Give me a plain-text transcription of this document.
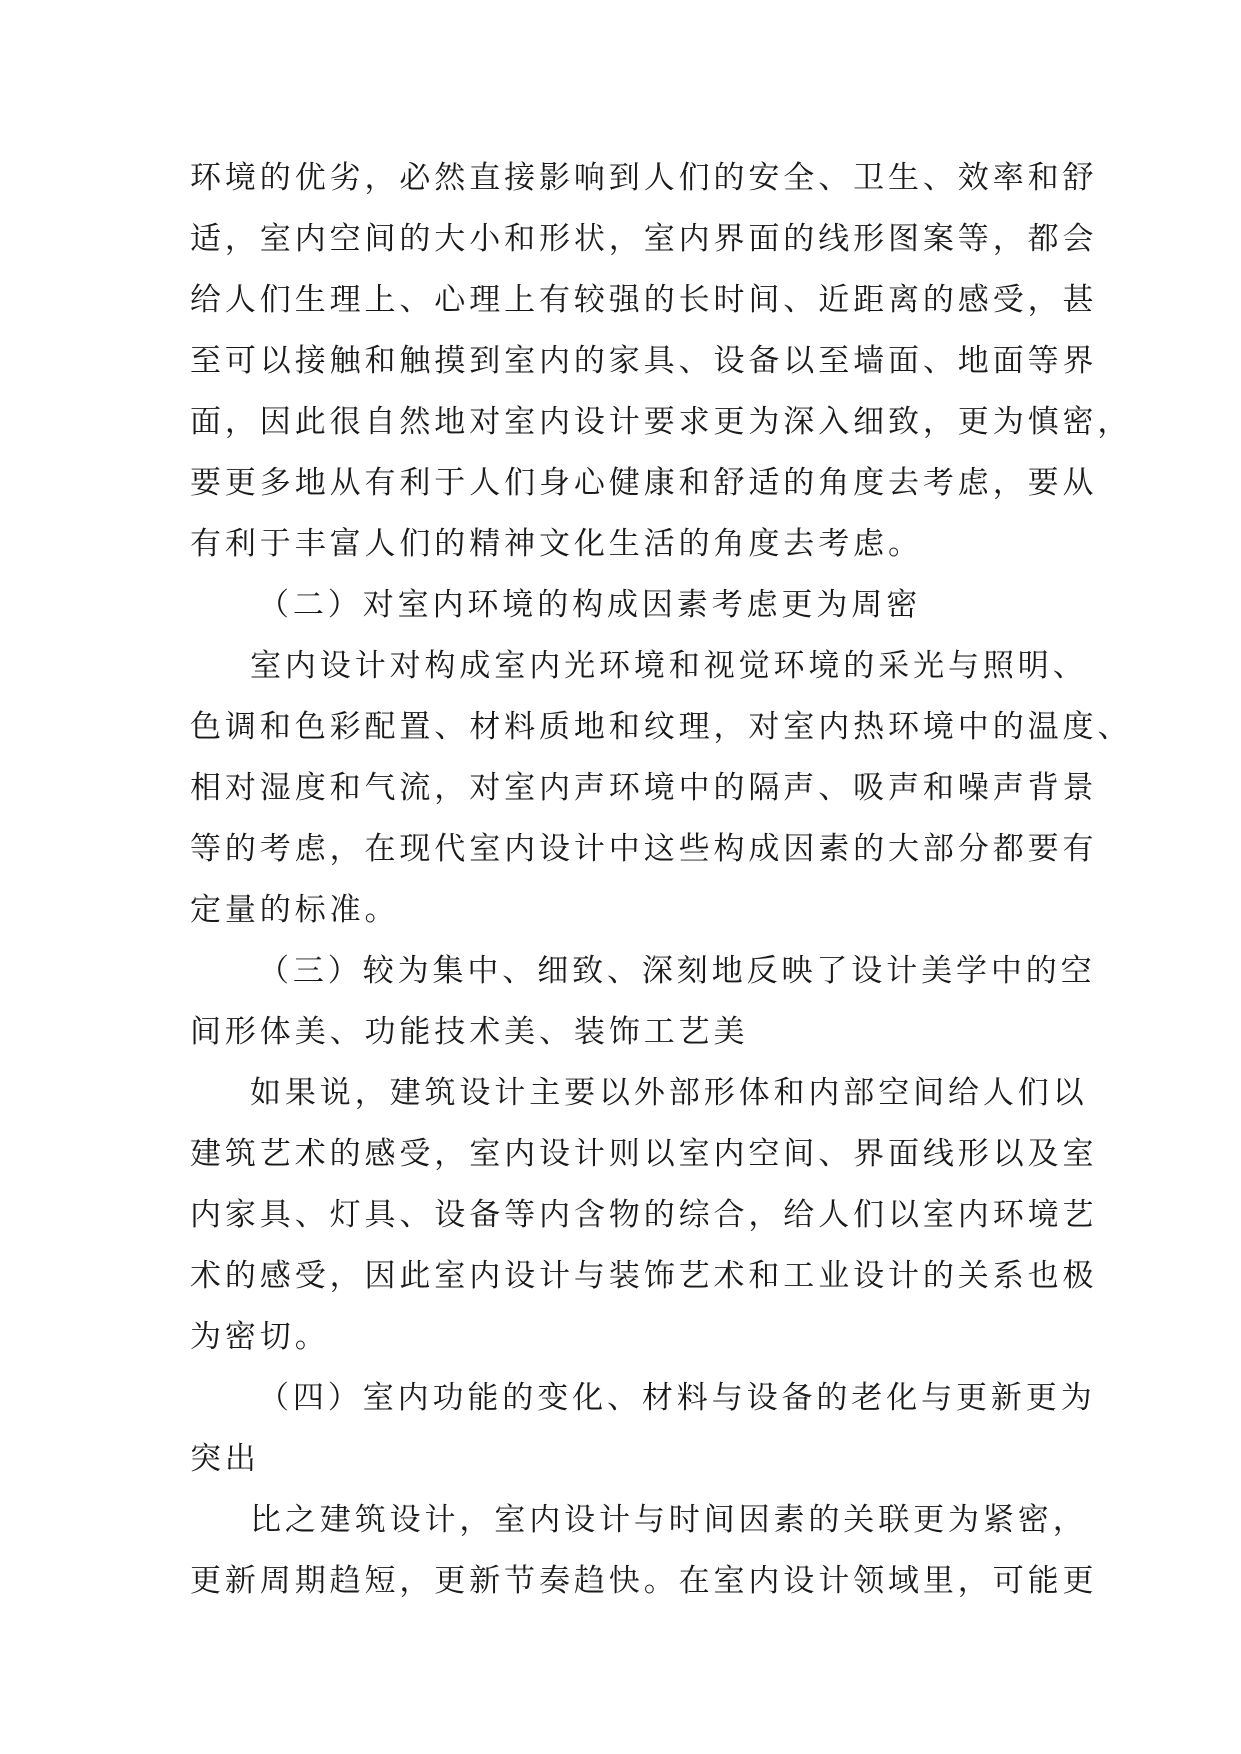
环境的优劣，必然直接影响到人们的安全、卫生、效率和舒
适，室内空间的大小和形状，室内界面的线形图案等，都会
给人们生理上、心理上有较强的长时间、近距离的感受，甚
至可以接触和触摸到室内的家具、设备以至墙面、地面等界
面，因此很自然地对室内设计要求更为深入细致，更为慎密，
要更多地从有利于人们身心健康和舒适的角度去考虑，要从
有利于丰富人们的精神文化生活的角度去考虑。
（二）对室内环境的构成因素考虑更为周密
室内设计对构成室内光环境和视觉环境的采光与照明、
色调和色彩配置、材料质地和纹理，对室内热环境中的温度、
相对湿度和气流，对室内声环境中的隔声、吸声和噪声背景
等的考虑，在现代室内设计中这些构成因素的大部分都要有
定量的标准。
（三）较为集中、细致、深刻地反映了设计美学中的空
间形体美、功能技术美、装饰工艺美
如果说，建筑设计主要以外部形体和内部空间给人们以
建筑艺术的感受，室内设计则以室内空间、界面线形以及室
内家具、灯具、设备等内含物的综合，给人们以室内环境艺
术的感受，因此室内设计与装饰艺术和工业设计的关系也极
为密切。
（四）室内功能的变化、材料与设备的老化与更新更为
突出
比之建筑设计，室内设计与时间因素的关联更为紧密，
更新周期趋短，更新节奏趋快。在室内设计领域里，可能更
